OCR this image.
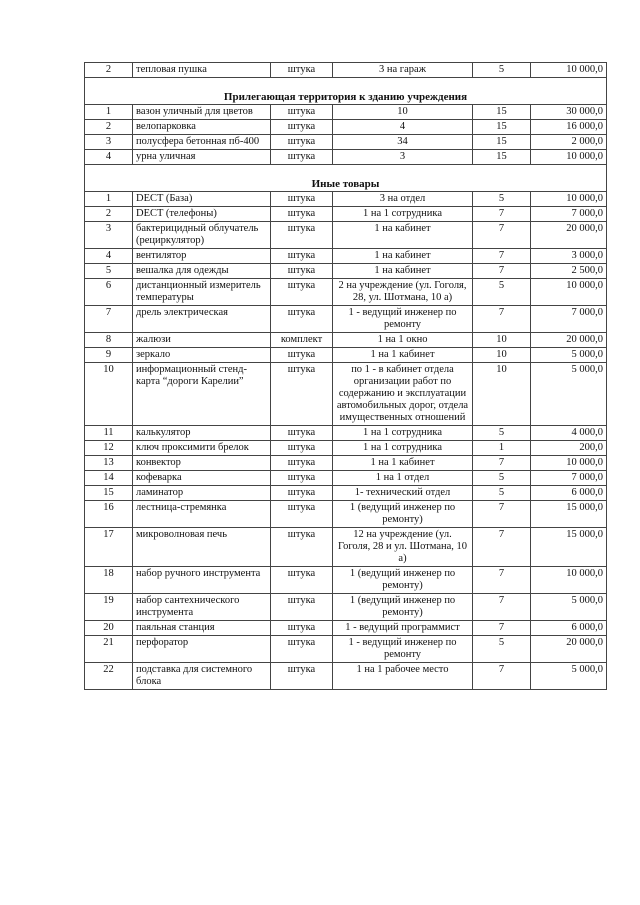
2	тепловая пушка	штука	3 на гараж	5	10 000,0
Прилегающая территория к зданию учреждения					
1	вазон уличный для цветов	штука	10	15	30 000,0
2	велопарковка	штука	4	15	16 000,0
3	полусфера бетонная пб-400	штука	34	15	2 000,0
4	урна уличная	штука	3	15	10 000,0
Иные товары					
1	DECT (База)	штука	3 на отдел	5	10 000,0
2	DECT (телефоны)	штука	1 на 1 сотрудника	7	7 000,0
3	бактерицидный облучатель (рециркулятор)	штука	1 на кабинет	7	20 000,0
4	вентилятор	штука	1 на кабинет	7	3 000,0
5	вешалка для одежды	штука	1 на кабинет	7	2 500,0
6	дистанционный измеритель температуры	штука	2 на учреждение (ул. Гоголя, 28, ул. Шотмана, 10 а)	5	10 000,0
7	дрель электрическая	штука	1 - ведущий инженер по ремонту	7	7 000,0
8	жалюзи	комплект	1 на 1 окно	10	20 000,0
9	зеркало	штука	1 на 1 кабинет	10	5 000,0
10	информационный стенд-карта “дороги Карелии”	штука	по 1 - в кабинет отдела организации работ по содержанию и эксплуатации автомобильных дорог, отдела имущественных отношений	10	5 000,0
11	калькулятор	штука	1 на 1 сотрудника	5	4 000,0
12	ключ проксимити брелок	штука	1 на 1 сотрудника	1	200,0
13	конвектор	штука	1 на 1 кабинет	7	10 000,0
14	кофеварка	штука	1 на 1 отдел	5	7 000,0
15	ламинатор	штука	1- технический отдел	5	6 000,0
16	лестница-стремянка	штука	1 (ведущий инженер по ремонту)	7	15 000,0
17	микроволновая печь	штука	12 на учреждение (ул. Гоголя, 28 и ул. Шотмана, 10 а)	7	15 000,0
18	набор ручного инструмента	штука	1 (ведущий инженер по ремонту)	7	10 000,0
19	набор сантехнического инструмента	штука	1 (ведущий инженер по ремонту)	7	5 000,0
20	паяльная станция	штука	1 - ведущий программист	7	6 000,0
21	перфоратор	штука	1 - ведущий инженер по ремонту	5	20 000,0
22	подставка для системного блока	штука	1 на 1 рабочее место	7	5 000,0
